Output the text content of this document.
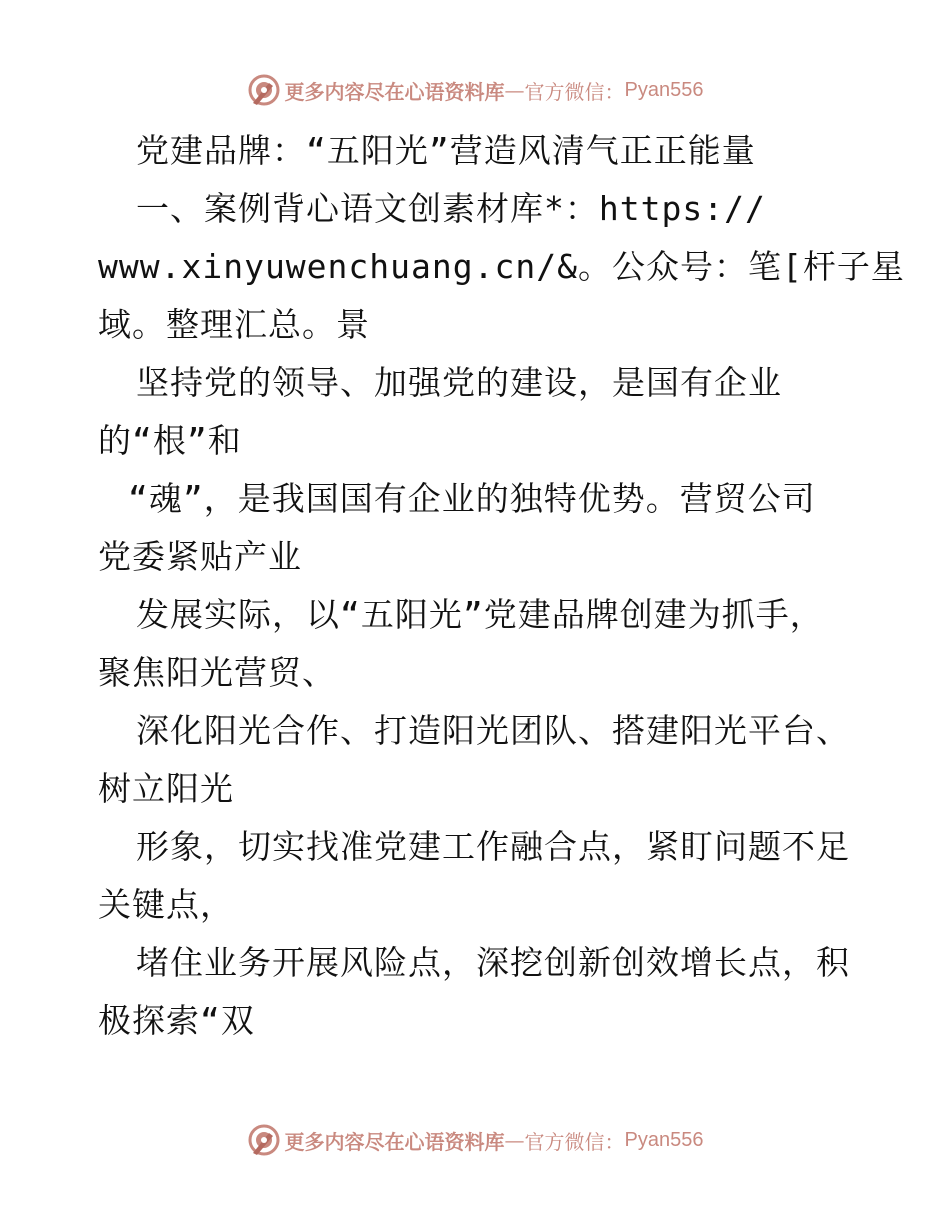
更多内容尽在心语资料库 — 官方微信： Pyan556
党建品牌：“五阳光”营造风清气正正能量
一、案例背心语文创素材库*：https://
www.xinyuwenchuang.cn/&。公众号：笔[杆子星
域。整理汇总。景
坚持党的领导、加强党的建设，是国有企业
的“根”和
“魂”，是我国国有企业的独特优势。营贸公司
党委紧贴产业
发展实际，以“五阳光”党建品牌创建为抓手，
聚焦阳光营贸、
深化阳光合作、打造阳光团队、搭建阳光平台、
树立阳光
形象，切实找准党建工作融合点，紧盯问题不足
关键点，
堵住业务开展风险点，深挖创新创效增长点，积
极探索“双
更多内容尽在心语资料库 — 官方微信： Pyan556
